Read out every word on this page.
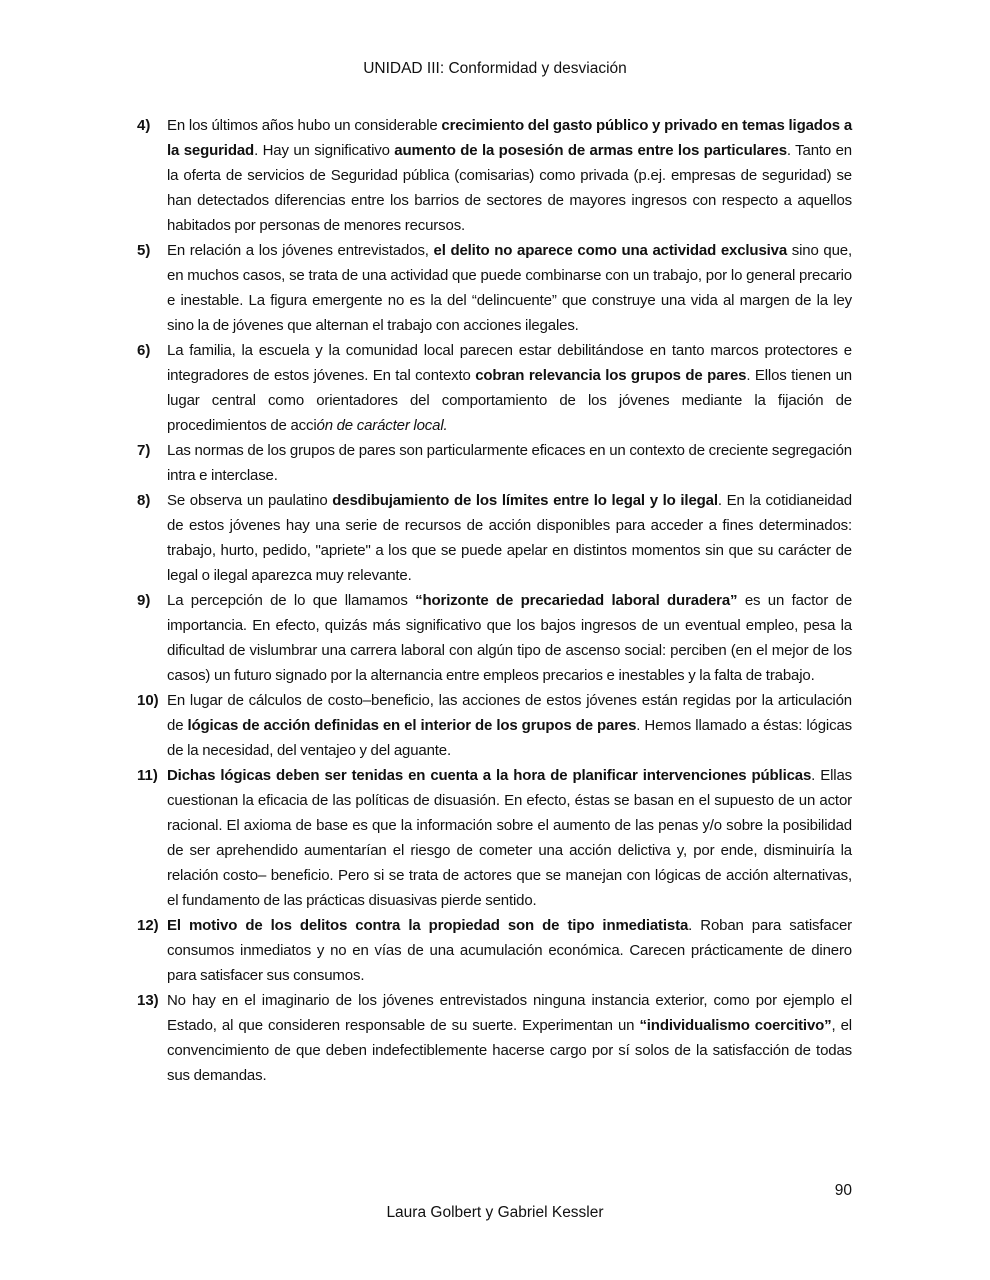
UNIDAD III: Conformidad y desviación
4)	En los últimos años hubo un considerable crecimiento del gasto público y privado en temas ligados a la seguridad. Hay un significativo aumento de la posesión de armas entre los particulares. Tanto en la oferta de servicios de Seguridad pública (comisarias) como privada (p.ej. empresas de seguridad) se han detectados diferencias entre los barrios de sectores de mayores ingresos con respecto a aquellos habitados por personas de menores recursos.
5)	En relación a los jóvenes entrevistados, el delito no aparece como una actividad exclusiva sino que, en muchos casos, se trata de una actividad que puede combinarse con un trabajo, por lo general precario e inestable. La figura emergente no es la del “delincuente” que construye una vida al margen de la ley sino la de jóvenes que alternan el trabajo con acciones ilegales.
6)	La familia, la escuela y la comunidad local parecen estar debilitándose en tanto marcos protectores e integradores de estos jóvenes. En tal contexto cobran relevancia los grupos de pares. Ellos tienen un lugar central como orientadores del comportamiento de los jóvenes mediante la fijación de procedimientos de acción de carácter local.
7)	Las normas de los grupos de pares son particularmente eficaces en un contexto de creciente segregación intra e interclase.
8)	Se observa un paulatino desdibujamiento de los límites entre lo legal y lo ilegal. En la cotidianeidad de estos jóvenes hay una serie de recursos de acción disponibles para acceder a fines determinados: trabajo, hurto, pedido, "apriete" a los que se puede apelar en distintos momentos sin que su carácter de legal o ilegal aparezca muy relevante.
9)	La percepción de lo que llamamos “horizonte de precariedad laboral duradera” es un factor de importancia. En efecto, quizás más significativo que los bajos ingresos de un eventual empleo, pesa la dificultad de vislumbrar una carrera laboral con algún tipo de ascenso social: perciben (en el mejor de los casos) un futuro signado por la alternancia entre empleos precarios e inestables y la falta de trabajo.
10) En lugar de cálculos de costo–beneficio, las acciones de estos jóvenes están regidas por la articulación de lógicas de acción definidas en el interior de los grupos de pares. Hemos llamado a éstas: lógicas de la necesidad, del ventajeo y del aguante.
11) Dichas lógicas deben ser tenidas en cuenta a la hora de planificar intervenciones públicas. Ellas cuestionan la eficacia de las políticas de disuasión. En efecto, éstas se basan en el supuesto de un actor racional. El axioma de base es que la información sobre el aumento de las penas y/o sobre la posibilidad de ser aprehendido aumentarían el riesgo de cometer una acción delictiva y, por ende, disminuiría la relación costo– beneficio. Pero si se trata de actores que se manejan con lógicas de acción alternativas, el fundamento de las prácticas disuasivas pierde sentido.
12) El motivo de los delitos contra la propiedad son de tipo inmediatista. Roban para satisfacer consumos inmediatos y no en vías de una acumulación económica. Carecen prácticamente de dinero para satisfacer sus consumos.
13) No hay en el imaginario de los jóvenes entrevistados ninguna instancia exterior, como por ejemplo el Estado, al que consideren responsable de su suerte. Experimentan un “individualismo coercitivo”, el convencimiento de que deben indefectiblemente hacerse cargo por sí solos de la satisfacción de todas sus demandas.
90
Laura Golbert y Gabriel Kessler
